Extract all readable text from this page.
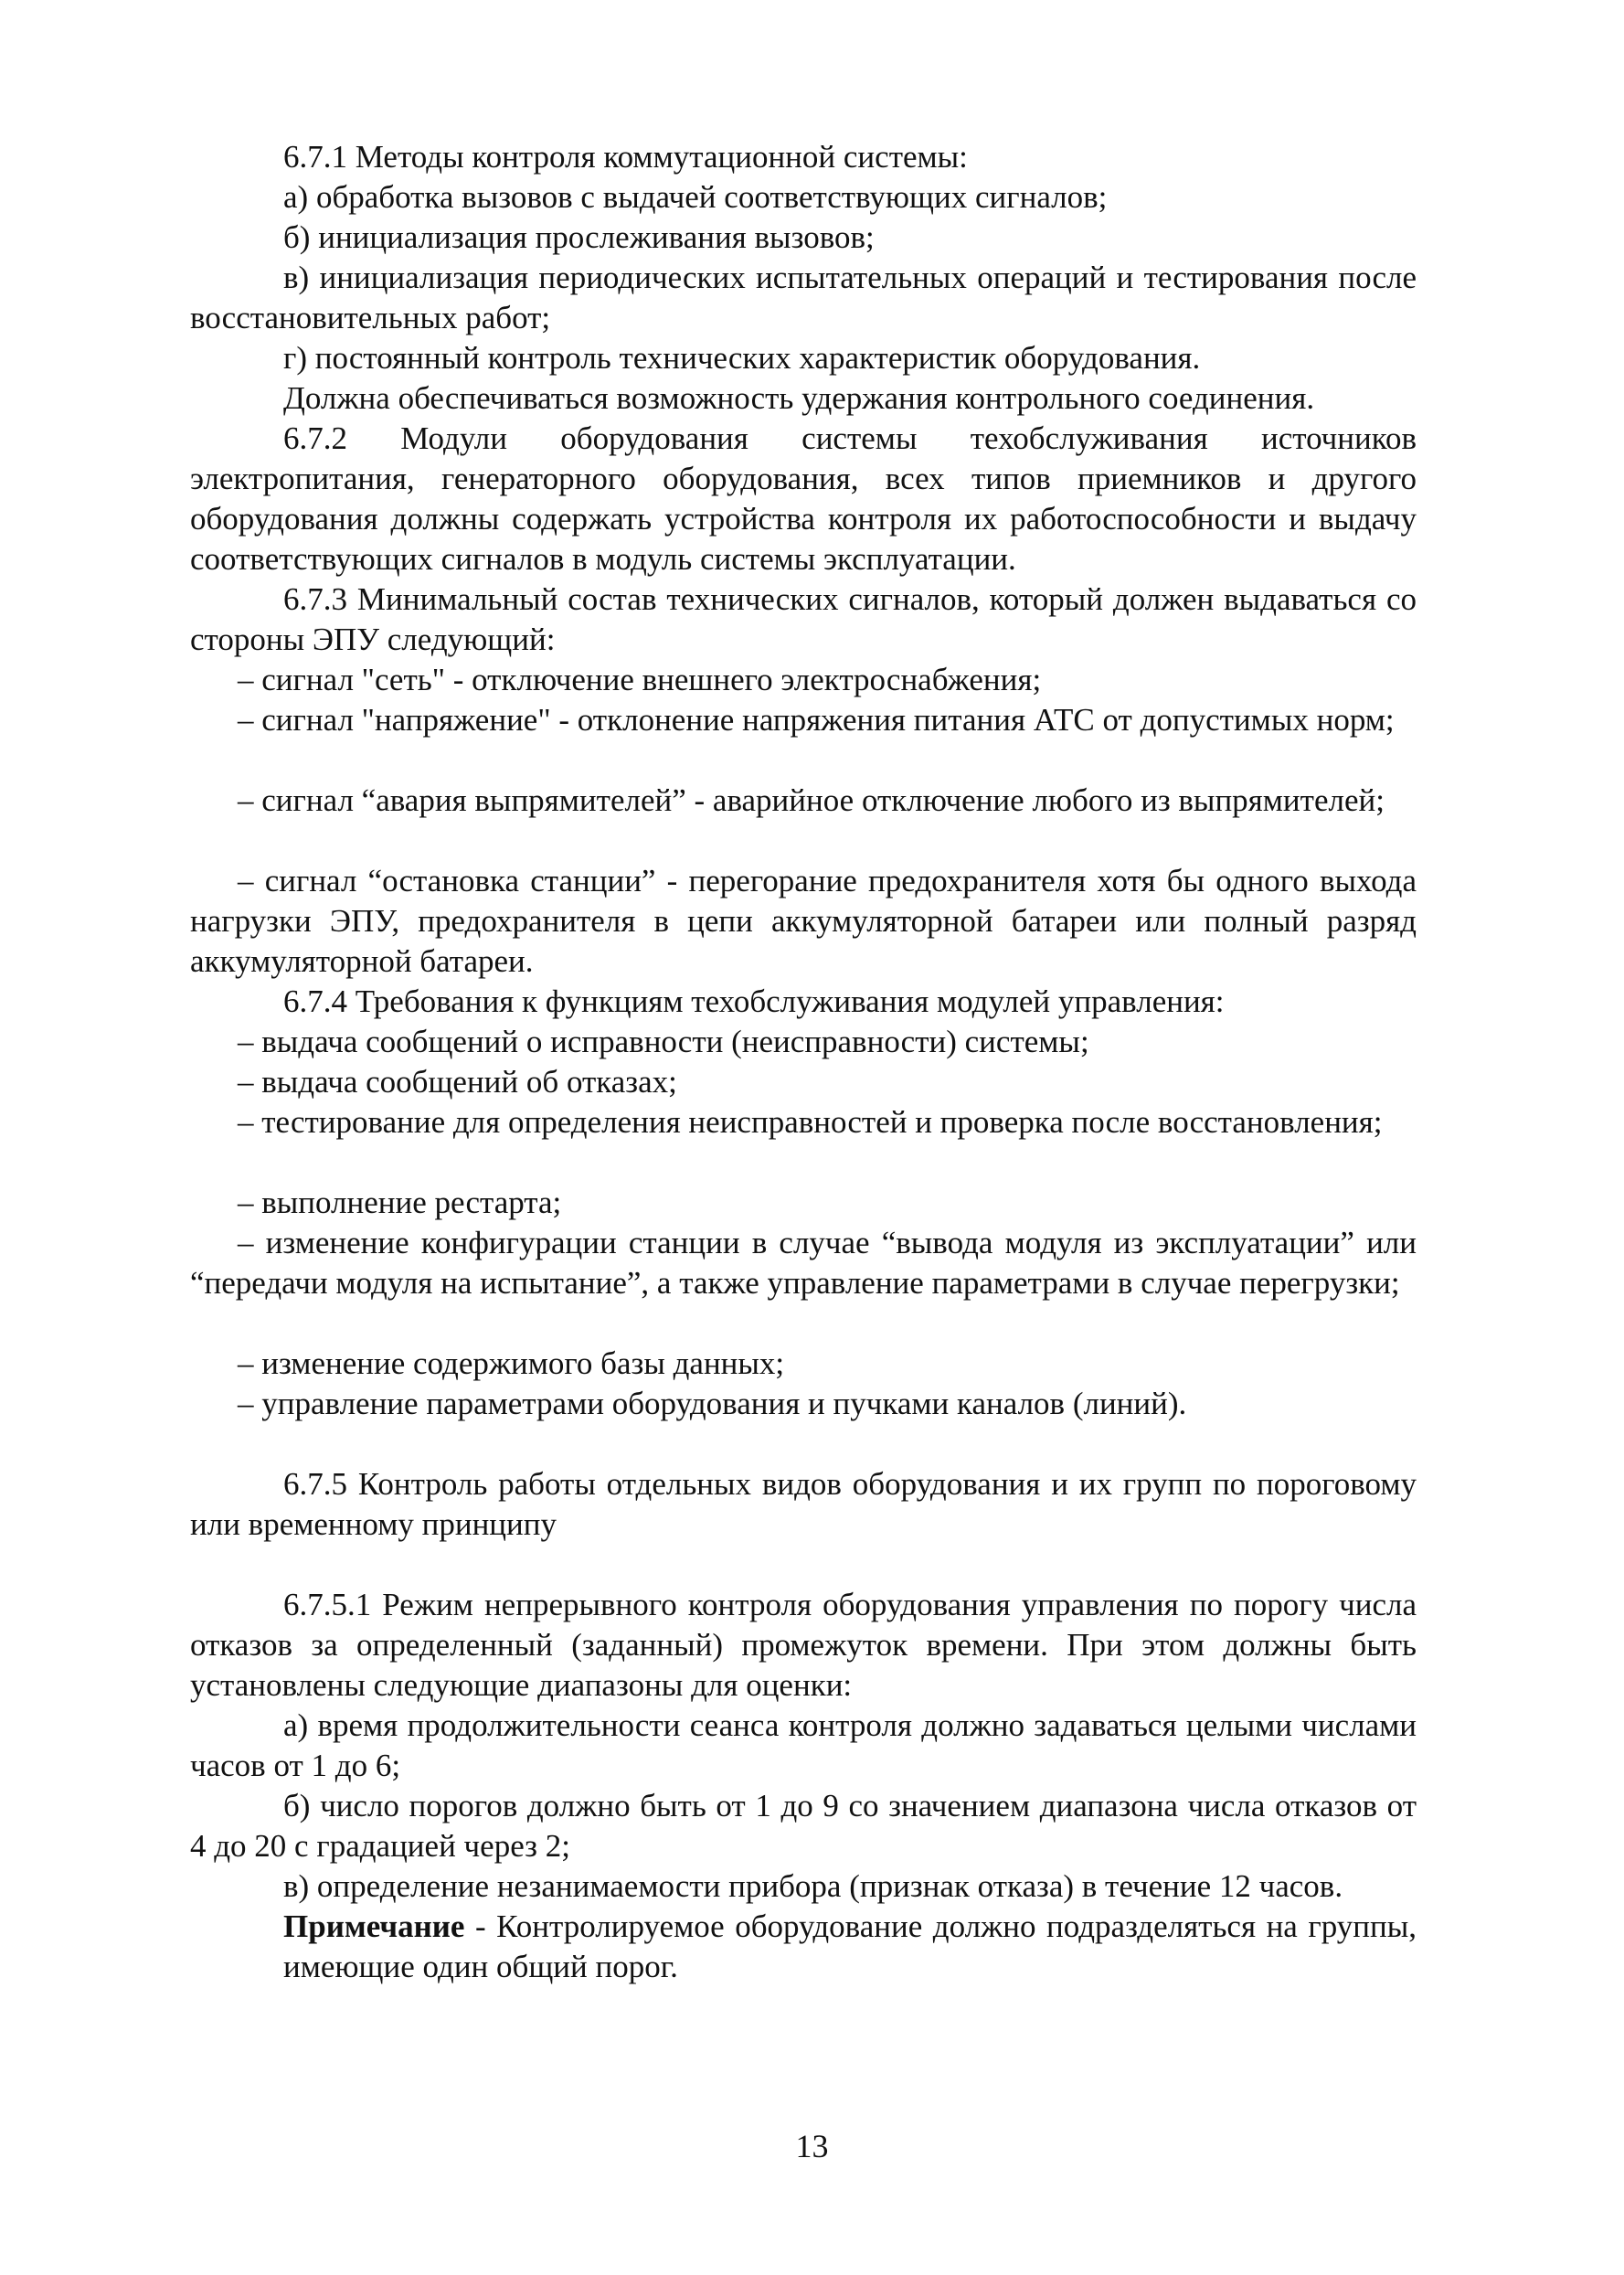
6.7.1 Методы контроля коммутационной системы:

а) обработка вызовов с выдачей соответствующих сигналов;

б) инициализация прослеживания вызовов;

в) инициализация периодических испытательных операций и тестирования после восстановительных работ;

г) постоянный контроль технических характеристик оборудования.

Должна обеспечиваться возможность удержания контрольного соединения.

6.7.2 Модули оборудования системы техобслуживания источников электропитания, генераторного оборудования, всех типов приемников и другого оборудования должны содержать устройства контроля их работоспособности и выдачу соответствующих сигналов в модуль системы эксплуатации.

6.7.3 Минимальный состав технических сигналов, который должен выдаваться со стороны ЭПУ следующий:

– сигнал "сеть" - отключение внешнего электроснабжения;

– сигнал "напряжение" - отклонение напряжения питания АТС от допустимых норм;

– сигнал “авария выпрямителей” - аварийное отключение любого из выпрямителей;

– сигнал “остановка станции” - перегорание предохранителя хотя бы одного выхода нагрузки ЭПУ, предохранителя в цепи аккумуляторной батареи или полный разряд аккумуляторной батареи.

6.7.4 Требования к функциям техобслуживания модулей управления:

– выдача сообщений о исправности (неисправности) системы;

– выдача сообщений об отказах;

– тестирование для определения неисправностей и проверка после восстановления;

– выполнение рестарта;

– изменение конфигурации станции в случае “вывода модуля из эксплуатации” или “передачи модуля на испытание”, а также управление параметрами в случае перегрузки;

– изменение содержимого базы данных;

– управление параметрами оборудования и пучками каналов (линий).

6.7.5 Контроль работы отдельных видов оборудования и их групп по пороговому или временному принципу

6.7.5.1 Режим непрерывного контроля оборудования управления по порогу числа отказов за определенный (заданный) промежуток времени. При этом должны быть установлены следующие диапазоны для оценки:

а) время продолжительности сеанса контроля должно задаваться целыми числами часов от 1 до 6;

б) число порогов должно быть от 1 до 9 со значением диапазона числа отказов от 4 до 20 с градацией через 2;

в) определение незанимаемости прибора (признак отказа) в течение 12 часов.

Примечание - Контролируемое оборудование должно подразделяться на группы, имеющие один общий порог.

13
